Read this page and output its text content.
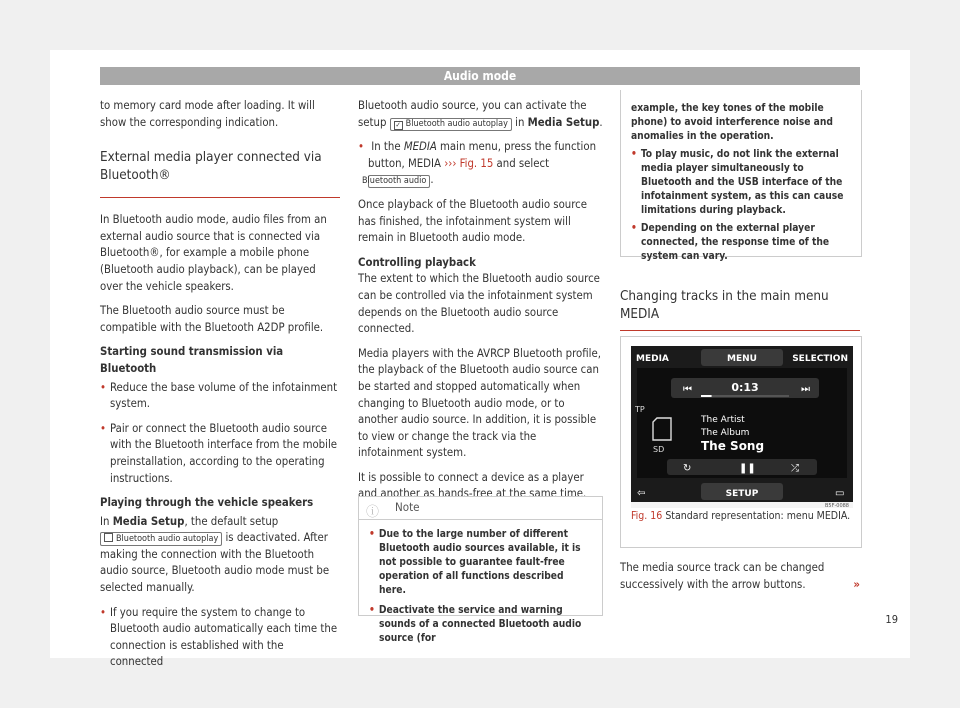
Audio mode

to memory card mode after loading. It will show the corresponding indication.

External media player connected via Bluetooth®

In Bluetooth audio mode, audio files from an external audio source that is connected via Bluetooth®, for example a mobile phone (Bluetooth audio playback), can be played over the vehicle speakers.

The Bluetooth audio source must be compatible with the Bluetooth A2DP profile.

Starting sound transmission via Bluetooth

• Reduce the base volume of the infotainment system.

• Pair or connect the Bluetooth audio source with the Bluetooth interface from the mobile preinstallation, according to the operating instructions.

Playing through the vehicle speakers

In Media Setup, the default setup Bluetooth audio autoplay is deactivated. After making the connection with the Bluetooth audio source, Bluetooth audio mode must be selected manually.

• If you require the system to change to Bluetooth audio automatically each time the connection is established with the connected

Bluetooth audio source, you can activate the setup ✓ Bluetooth audio autoplay in Media Setup.

• In the MEDIA main menu, press the function button, MEDIA ››› Fig. 15 and select Bluetooth audio .

Once playback of the Bluetooth audio source has finished, the infotainment system will remain in Bluetooth audio mode.

Controlling playback

The extent to which the Bluetooth audio source can be controlled via the infotainment system depends on the Bluetooth audio source connected.

Media players with the AVRCP Bluetooth profile, the playback of the Bluetooth audio source can be started and stopped automatically when changing to Bluetooth audio mode, or to another audio source. In addition, it is possible to view or change the track via the infotainment system.

It is possible to connect a device as a player and another as hands-free at the same time.

ⓘ Note

• Due to the large number of different Bluetooth audio sources available, it is not possible to guarantee fault-free operation of all functions described here.

• Deactivate the service and warning sounds of a connected Bluetooth audio source (for

example, the key tones of the mobile phone) to avoid interference noise and anomalies in the operation.

• To play music, do not link the external media player simultaneously to Bluetooth and the USB interface of the infotainment system, as this can cause limitations during playback.

• Depending on the external player connected, the response time of the system can vary.

Changing tracks in the main menu MEDIA
MEDIA	MENU	SELECTION
⏮	⏭
0:13
TP
SD
The Artist
The Album
The Song
↻	❚❚	⤮
⇦	SETUP	▭
B5F-0088
Fig. 16 Standard representation: menu MEDIA.

The media source track can be changed successively with the arrow buttons.	»

19
